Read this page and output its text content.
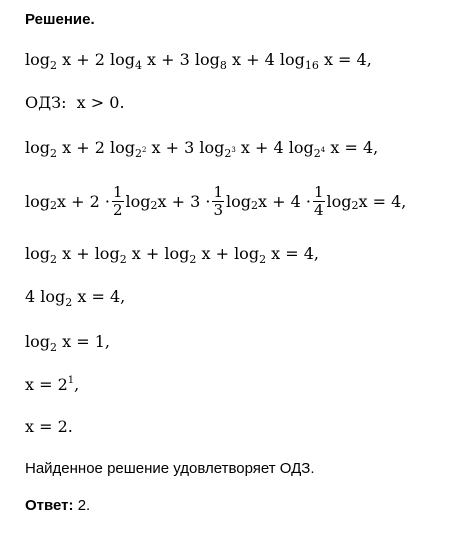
Решение.
$\log_2 x + 2$ $\log_4 x + 3$ $\log_8 x + 4$ $\log_{16} x = 4$,
ОДЗ: x > 0.
$\log_2 x + 2$ $\log_{2^2} x + 3$ $\log_{2^3} x + 4$ $\log_{2^4} x = 4$,
log 2 $x + 2 \cdot \frac{1}{2}$ log 2 $x + 3 \cdot \frac{1}{3}$ log 2 $x + 4 \cdot \frac{1}{4}$ log 2 x = 4,
$\log_2 x + \log_2 x + \log_2 x + \log_2 x = 4$,
4 $\log_2 x = 4$,
$\log_2 x = 1$,
$x = 2^1$,
x = 2.
Найденное решение удовлетворяет ОДЗ.
Ответ: 2.
